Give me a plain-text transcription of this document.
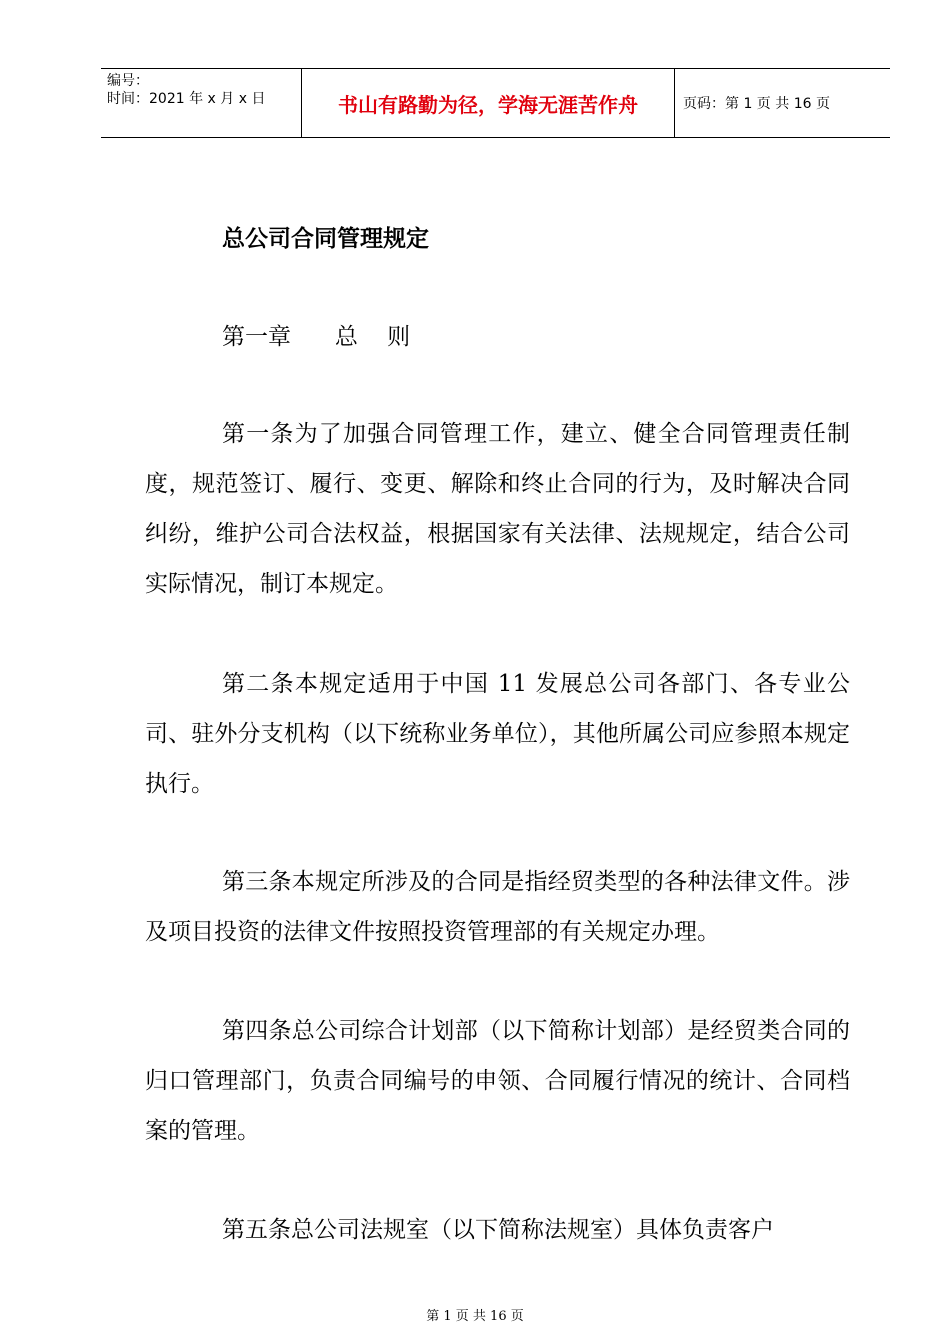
编号：
时间：2021 年 x 月 x 日	书山有路勤为径，学海无涯苦作舟	页码：第 1 页 共 16 页
总公司合同管理规定
第一章      总    则

第一条为了加强合同管理工作，建立、健全合同管理责任制度，规范签订、履行、变更、解除和终止合同的行为，及时解决合同纠纷，维护公司合法权益，根据国家有关法律、法规规定，结合公司实际情况，制订本规定。

第二条本规定适用于中国 11 发展总公司各部门、各专业公司、驻外分支机构（以下统称业务单位），其他所属公司应参照本规定执行。

第三条本规定所涉及的合同是指经贸类型的各种法律文件。涉及项目投资的法律文件按照投资管理部的有关规定办理。

第四条总公司综合计划部（以下简称计划部）是经贸类合同的归口管理部门，负责合同编号的申领、合同履行情况的统计、合同档案的管理。

第五条总公司法规室（以下简称法规室）具体负责客户

第 1 页 共 16 页
